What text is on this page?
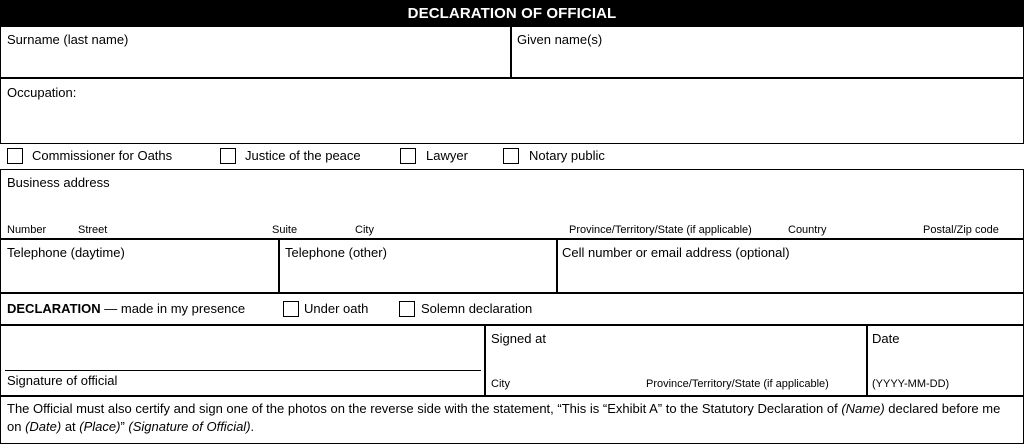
DECLARATION OF OFFICIAL
Surname (last name)	Given name(s)
Occupation:
Commissioner for Oaths	Justice of the peace	Lawyer	Notary public
Business address
Number	Street	Suite	City	Province/Territory/State (if applicable)	Country	Postal/Zip code
Telephone (daytime)	Telephone (other)	Cell number or email address (optional)
DECLARATION — made in my presence	Under oath	Solemn declaration
Signature of official
Signed at
City	Province/Territory/State (if applicable)
Date
(YYYY-MM-DD)
The Official must also certify and sign one of the photos on the reverse side with the statement, “This is “Exhibit A” to the Statutory Declaration of (Name) declared before me on (Date) at (Place)” (Signature of Official).
